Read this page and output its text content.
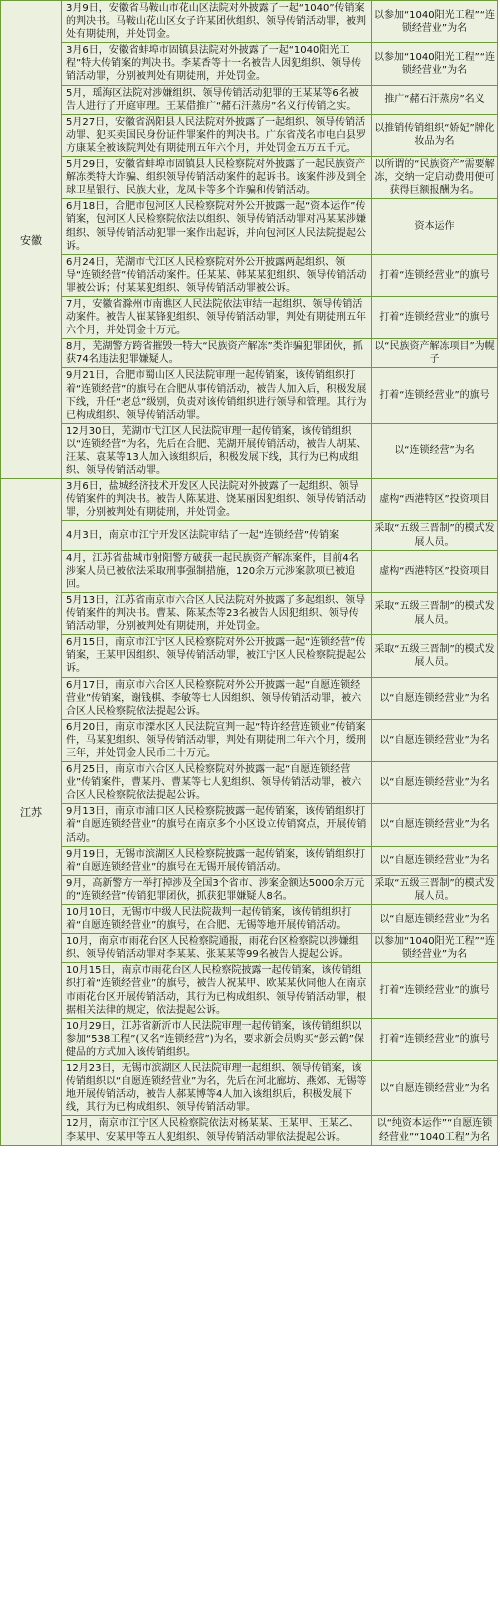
安徽	3月9日，安徽省马鞍山市花山区法院对外披露了一起“1040”传销案的判决书。马鞍山花山区女子许某团伙组织、领导传销活动罪，被判处有期徒刑，并处罚金。	以参加“1040阳光工程”“连锁经营业”为名
	3月6日，安徽省蚌埠市固镇县法院对外披露了一起“1040阳光工程”特大传销案的判决书。李某香等十一名被告人因犯组织、领导传销活动罪，分别被判处有期徒刑，并处罚金。	以参加“1040阳光工程”“连锁经营业”为名
	5月，瑶海区法院对涉嫌组织、领导传销活动犯罪的王某某等6名被告人进行了开庭审理。王某借推广“赭石汗蒸房”名义行传销之实。	推广“赭石汗蒸房”名义
	5月27日，安徽省涡阳县人民法院对外披露了一起组织、领导传销活动罪、犯买卖国民身份证件罪案件的判决书。广东省茂名市电白县罗方康某全被该院判处有期徒刑五年六个月，并处罚金五万五千元。	以推销传销组织“娇妃”牌化妆品为名
	5月29日，安徽省蚌埠市固镇县人民检察院对外披露了一起民族资产解冻类特大诈骗、组织领导传销活动案件的起诉书。该案件涉及到全球卫星银行、民族大业，龙凤卡等多个诈骗和传销活动。	以所谓的“民族资产”需要解冻，交纳一定启动费用便可获得巨额报酬为名。
	6月18日，合肥市包河区人民检察院对外公开披露一起“资本运作”传销案，包河区人民检察院依法以组织、领导传销活动罪对冯某某涉嫌组织、领导传销活动犯罪一案作出起诉，并向包河区人民法院提起公诉。	资本运作
	6月24日，芜湖市弋江区人民检察院对外公开披露两起组织、领导“连锁经营”传销活动案件。任某某、韩某某犯组织、领导传销活动罪被公诉；付某某犯组织、领导传销活动罪被公诉。	打着“连锁经营业”的旗号
	7月，安徽省滁州市南谯区人民法院依法审结一起组织、领导传销活动案件。被告人崔某锋犯组织、领导传销活动罪，判处有期徒刑五年六个月，并处罚金十万元。	打着“连锁经营业”的旗号
	8月，芜湖警方跨省摧毁一特大“民族资产解冻”类诈骗犯罪团伙，抓获74名违法犯罪嫌疑人。	以“民族资产解冻项目”为幌子
	9月21日，合肥市蜀山区人民法院审理一起传销案，该传销组织打着“连锁经营”的旗号在合肥从事传销活动，被告人加入后，积极发展下线，升任“老总”级别，负责对该传销组织进行领导和管理。其行为已构成组织、领导传销活动罪。	打着“连锁经营业”的旗号
	12月30日，芜湖市弋江区人民法院审理一起传销案，该传销组织以“连锁经营”为名，先后在合肥、芜湖开展传销活动，被告人胡某、汪某、袁某等13人加入该组织后，积极发展下线，其行为已构成组织、领导传销活动罪。	以“连锁经营”为名
江苏	3月6日，盐城经济技术开发区人民法院对外披露了一起组织、领导传销案件的判决书。被告人陈某进、饶某丽因犯组织、领导传销活动罪，分别被判处有期徒刑，并处罚金。	虚构“西港特区”投资项目
	4月3日，南京市江宁开发区法院审结了一起“连锁经营”传销案	采取“五级三晋制”的模式发展人员。
	4月，江苏省盐城市射阳警方破获一起民族资产解冻案件，目前4名涉案人员已被依法采取刑事强制措施，120余万元涉案款项已被追回。	虚构“西港特区”投资项目
	5月13日，江苏省南京市六合区人民法院对外披露了多起组织、领导传销案件的判决书。曹某、陈某杰等23名被告人因犯组织、领导传销活动罪，分别被判处有期徒刑，并处罚金。	采取“五级三晋制”的模式发展人员。
	6月15日，南京市江宁区人民检察院对外公开披露一起“连锁经营”传销案，王某甲因组织、领导传销活动罪，被江宁区人民检察院提起公诉。	采取“五级三晋制”的模式发展人员。
	6月17日，南京市六合区人民检察院对外公开披露一起“自愿连锁经营业”传销案，谢钱棋、李敏等七人因组织、领导传销活动罪，被六合区人民检察院依法提起公诉。	以“自愿连锁经营业”为名
	6月20日，南京市溧水区人民法院宣判一起“特许经营连锁业”传销案件，马某犯组织、领导传销活动罪，判处有期徒刑二年六个月，缓刑三年，并处罚金人民币二十万元。	以“自愿连锁经营业”为名
	6月25日，南京市六合区人民检察院对外披露一起“自愿连锁经营业”传销案件，曹某丹、曹某等七人犯组织、领导传销活动罪，被六合区人民检察院依法提起公诉。	以“自愿连锁经营业”为名
	9月13日，南京市浦口区人民检察院披露一起传销案，该传销组织打着“自愿连锁经营业”的旗号在南京多个小区设立传销窝点，开展传销活动。	以“自愿连锁经营业”为名
	9月19日，无锡市滨湖区人民检察院披露一起传销案，该传销组织打着“自愿连锁经营业”的旗号在无锡开展传销活动。	以“自愿连锁经营业”为名
	9月，高新警方一举打掉涉及全国3个省市、涉案金额达5000余万元的“连锁经营”传销犯罪团伙，抓获犯罪嫌疑人8名。	采取“五级三晋制”的模式发展人员。
	10月10日，无锡市中级人民法院裁判一起传销案，该传销组织打着“自愿连锁经营业”的旗号，在合肥、无锡等地开展传销活动。	以“自愿连锁经营业”为名
	10月，南京市雨花台区人民检察院通报，雨花台区检察院以涉嫌组织、领导传销活动罪对李某某、张某某等99名被告人提起公诉。	以参加“1040阳光工程”“连锁经营业”为名
	10月15日，南京市雨花台区人民检察院披露一起传销案，该传销组织打着“连锁经营业”的旗号，被告人祝某甲、欧某某伙同他人在南京市雨花台区开展传销活动，其行为已构成组织、领导传销活动罪，根据相关法律的规定，依法提起公诉。	打着“连锁经营业”的旗号
	10月29日，江苏省新沂市人民法院审理一起传销案，该传销组织以参加“538工程”(又名“连锁经营”)为名，要求新会员购买“彭云鹤”保健品的方式加入该传销组织。	打着“连锁经营业”的旗号
	12月23日，无锡市滨湖区人民法院审理一起组织、领导传销案，该传销组织以“自愿连锁经营业”为名，先后在河北廊坊、燕郊、无锡等地开展传销活动，被告人郝某博等4人加入该组织后，积极发展下线，其行为已构成组织、领导传销活动罪。	以“自愿连锁经营业”为名
	12月，南京市江宁区人民检察院依法对杨某某、王某甲、王某乙、李某甲、安某甲等五人犯组织、领导传销活动罪依法提起公诉。	以“纯资本运作”“自愿连锁经营业”“1040工程”为名
